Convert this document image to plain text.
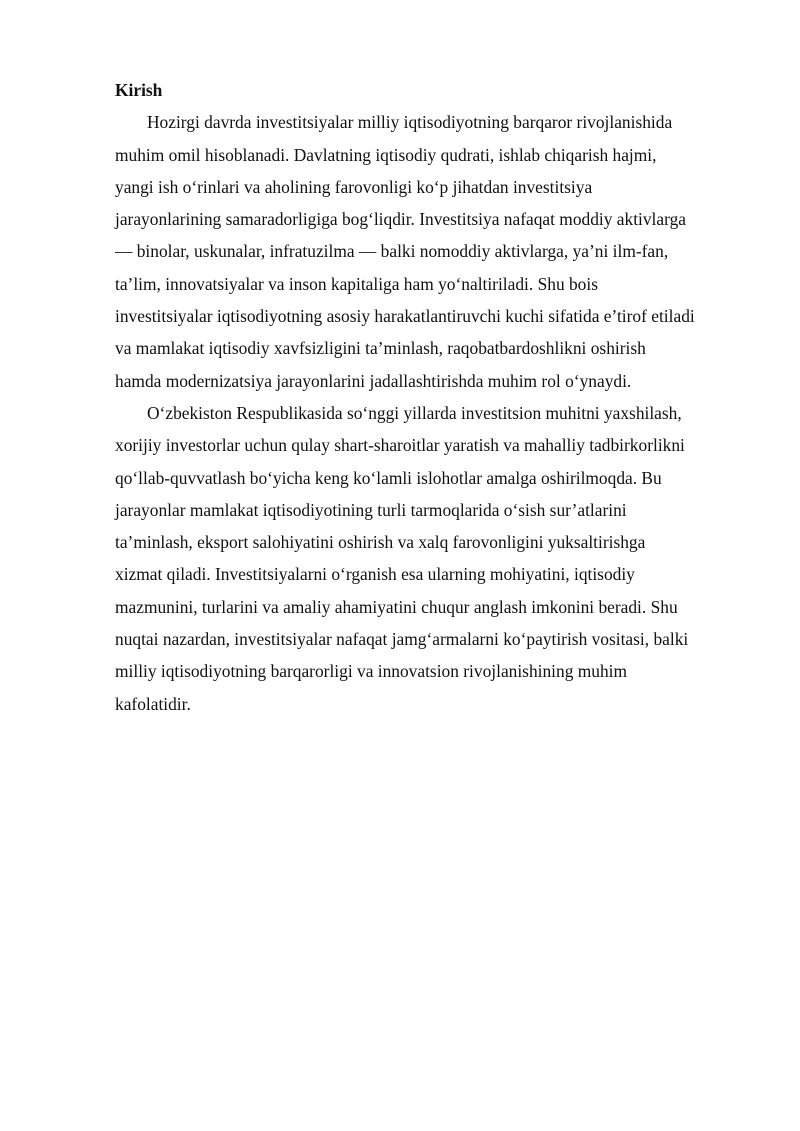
Kirish
Hozirgi davrda investitsiyalar milliy iqtisodiyotning barqaror rivojlanishida
muhim omil hisoblanadi. Davlatning iqtisodiy qudrati, ishlab chiqarish hajmi,
yangi ish o‘rinlari va aholining farovonligi ko‘p jihatdan investitsiya
jarayonlarining samaradorligiga bog‘liqdir. Investitsiya nafaqat moddiy aktivlarga
— binolar, uskunalar, infratuzilma — balki nomoddiy aktivlarga, ya’ni ilm-fan,
ta’lim, innovatsiyalar va inson kapitaliga ham yo‘naltiriladi. Shu bois
investitsiyalar iqtisodiyotning asosiy harakatlantiruvchi kuchi sifatida e’tirof etiladi
va mamlakat iqtisodiy xavfsizligini ta’minlash, raqobatbardoshlikni oshirish
hamda modernizatsiya jarayonlarini jadallashtirishda muhim rol o‘ynaydi.
O‘zbekiston Respublikasida so‘nggi yillarda investitsion muhitni yaxshilash,
xorijiy investorlar uchun qulay shart-sharoitlar yaratish va mahalliy tadbirkorlikni
qo‘llab-quvvatlash bo‘yicha keng ko‘lamli islohotlar amalga oshirilmoqda. Bu
jarayonlar mamlakat iqtisodiyotining turli tarmoqlarida o‘sish sur’atlarini
ta’minlash, eksport salohiyatini oshirish va xalq farovonligini yuksaltirishga
xizmat qiladi. Investitsiyalarni o‘rganish esa ularning mohiyatini, iqtisodiy
mazmunini, turlarini va amaliy ahamiyatini chuqur anglash imkonini beradi. Shu
nuqtai nazardan, investitsiyalar nafaqat jamg‘armalarni ko‘paytirish vositasi, balki
milliy iqtisodiyotning barqarorligi va innovatsion rivojlanishining muhim
kafolatidir.
